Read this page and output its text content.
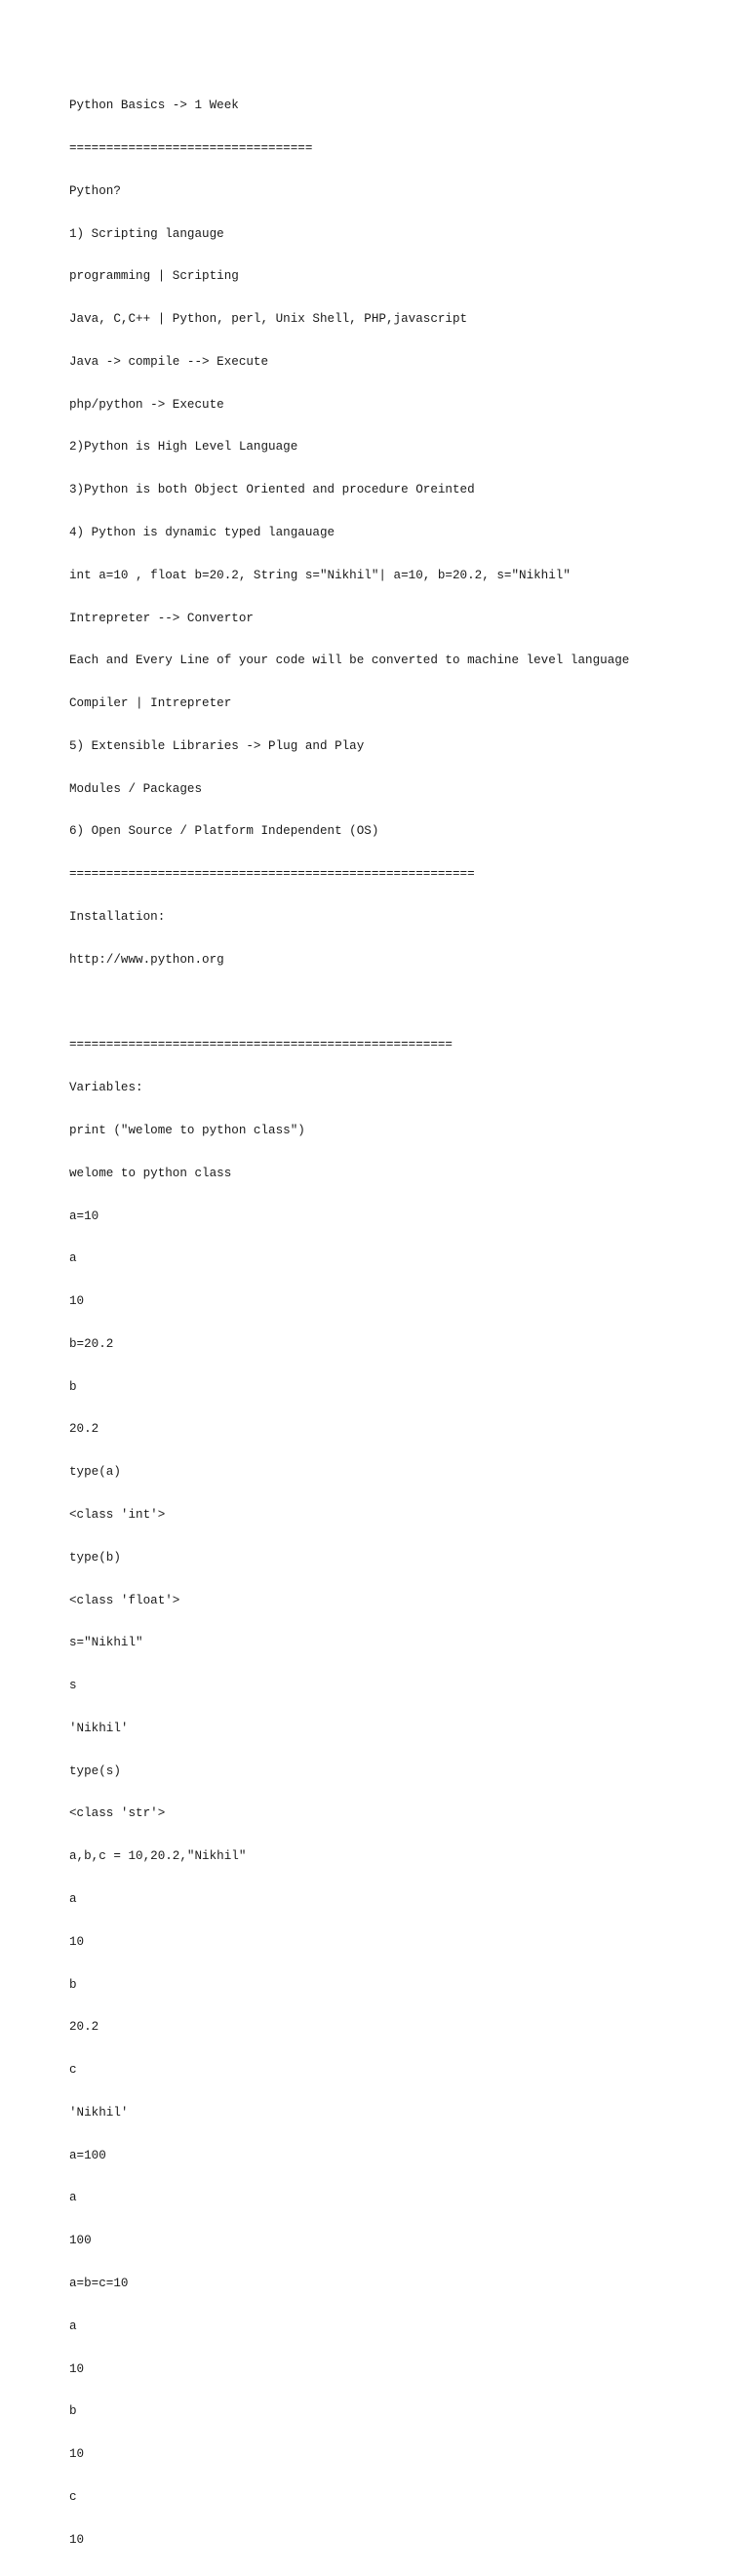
Python Basics -> 1 Week

=================================

Python?

1) Scripting langauge

programming | Scripting

Java, C,C++ | Python, perl, Unix Shell, PHP,javascript

Java -> compile --> Execute

php/python -> Execute

2)Python is High Level Language

3)Python is both Object Oriented and procedure Oreinted

4) Python is dynamic typed langauage

int a=10 , float b=20.2, String s="Nikhil"| a=10, b=20.2, s="Nikhil"

Intrepreter --> Convertor

Each and Every Line of your code will be converted to machine level language

Compiler | Intrepreter

5) Extensible Libraries -> Plug and Play

Modules / Packages

6) Open Source / Platform Independent (OS)

=======================================================

Installation:

http://www.python.org

====================================================

Variables:

print ("welome to python class")

welome to python class

a=10

a

10

b=20.2

b

20.2

type(a)

<class 'int'>

type(b)

<class 'float'>

s="Nikhil"

s

'Nikhil'

type(s)

<class 'str'>

a,b,c = 10,20.2,"Nikhil"

a

10

b

20.2

c

'Nikhil'

a=100

a

100

a=b=c=10

a

10

b

10

c

10
